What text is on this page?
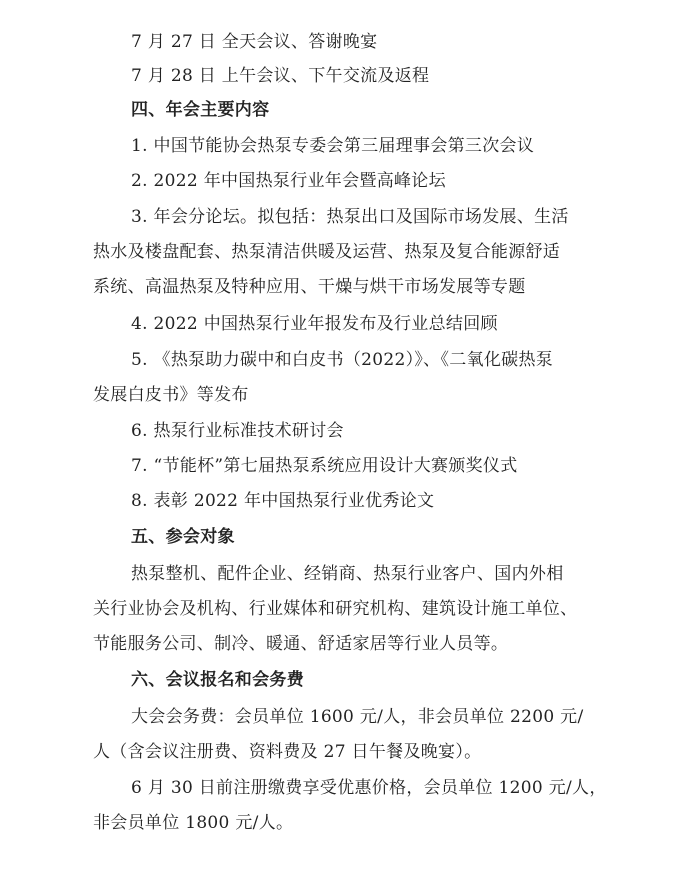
7 月 27 日 全天会议、答谢晚宴
7 月 28 日 上午会议、下午交流及返程
四、年会主要内容
1. 中国节能协会热泵专委会第三届理事会第三次会议
2. 2022 年中国热泵行业年会暨高峰论坛
3. 年会分论坛。拟包括：热泵出口及国际市场发展、生活
热水及楼盘配套、热泵清洁供暖及运营、热泵及复合能源舒适
系统、高温热泵及特种应用、干燥与烘干市场发展等专题
4. 2022 中国热泵行业年报发布及行业总结回顾
5. 《热泵助力碳中和白皮书（2022）》、《二氧化碳热泵
发展白皮书》等发布
6. 热泵行业标准技术研讨会
7. “节能杯”第七届热泵系统应用设计大赛颁奖仪式
8. 表彰 2022 年中国热泵行业优秀论文
五、参会对象
热泵整机、配件企业、经销商、热泵行业客户、国内外相
关行业协会及机构、行业媒体和研究机构、建筑设计施工单位、
节能服务公司、制冷、暖通、舒适家居等行业人员等。
六、会议报名和会务费
大会会务费：会员单位 1600 元/人，非会员单位 2200 元/
人（含会议注册费、资料费及 27 日午餐及晚宴）。
6 月 30 日前注册缴费享受优惠价格，会员单位 1200 元/人，
非会员单位 1800 元/人。
